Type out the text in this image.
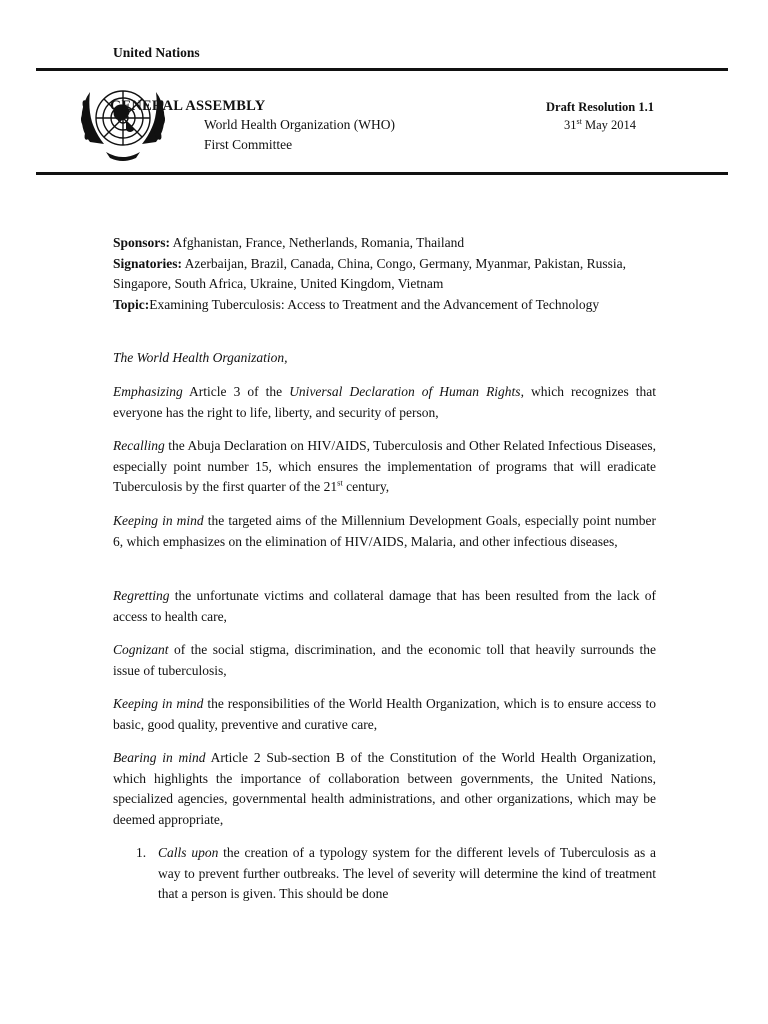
United Nations
GENERAL ASSEMBLY
World Health Organization (WHO)
First Committee
Draft Resolution 1.1
31st May 2014
Sponsors: Afghanistan, France, Netherlands, Romania, Thailand
Signatories: Azerbaijan, Brazil, Canada, China, Congo, Germany, Myanmar, Pakistan, Russia, Singapore, South Africa, Ukraine, United Kingdom, Vietnam
Topic:Examining Tuberculosis: Access to Treatment and the Advancement of Technology
The World Health Organization,

Emphasizing Article 3 of the Universal Declaration of Human Rights, which recognizes that everyone has the right to life, liberty, and security of person,

Recalling the Abuja Declaration on HIV/AIDS, Tuberculosis and Other Related Infectious Diseases, especially point number 15, which ensures the implementation of programs that will eradicate Tuberculosis by the first quarter of the 21st century,

Keeping in mind the targeted aims of the Millennium Development Goals, especially point number 6, which emphasizes on the elimination of HIV/AIDS, Malaria, and other infectious diseases,

Regretting the unfortunate victims and collateral damage that has been resulted from the lack of access to health care,

Cognizant of the social stigma, discrimination, and the economic toll that heavily surrounds the issue of tuberculosis,

Keeping in mind the responsibilities of the World Health Organization, which is to ensure access to basic, good quality, preventive and curative care,

Bearing in mind Article 2 Sub-section B of the Constitution of the World Health Organization, which highlights the importance of collaboration between governments, the United Nations, specialized agencies, governmental health administrations, and other organizations, which may be deemed appropriate,

1. Calls upon the creation of a typology system for the different levels of Tuberculosis as a way to prevent further outbreaks. The level of severity will determine the kind of treatment that a person is given. This should be done
